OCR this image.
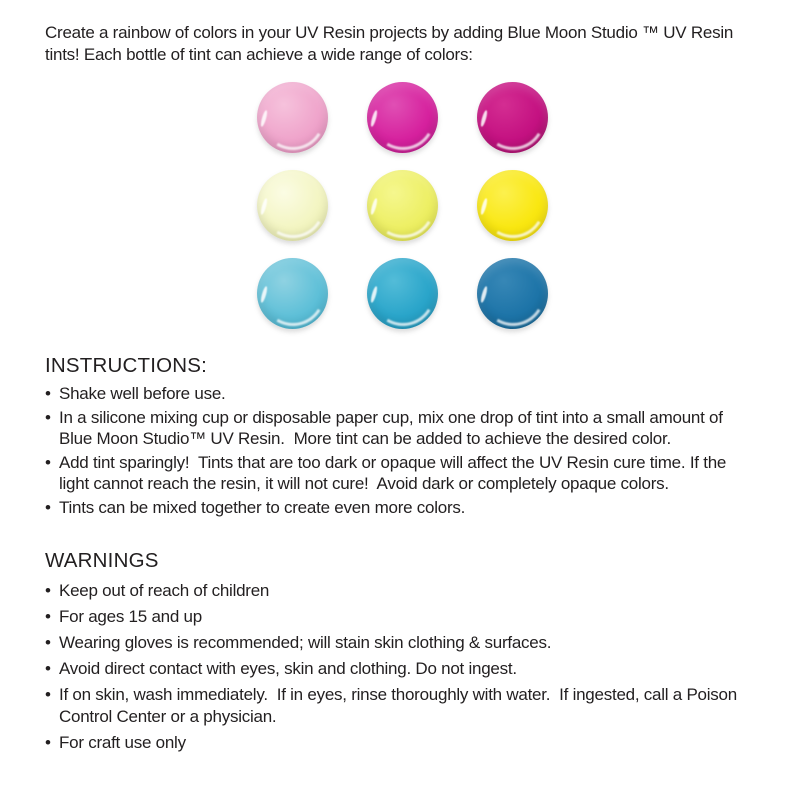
Create a rainbow of colors in your UV Resin projects by adding Blue Moon Studio ™ UV Resin tints! Each bottle of tint can achieve a wide range of colors:

INSTRUCTIONS:
• Shake well before use.
• In a silicone mixing cup or disposable paper cup, mix one drop of tint into a small amount of Blue Moon Studio™ UV Resin.  More tint can be added to achieve the desired color.
• Add tint sparingly!  Tints that are too dark or opaque will affect the UV Resin cure time. If the light cannot reach the resin, it will not cure!  Avoid dark or completely opaque colors.
• Tints can be mixed together to create even more colors.
WARNINGS
• Keep out of reach of children
• For ages 15 and up
• Wearing gloves is recommended; will stain skin clothing & surfaces.
• Avoid direct contact with eyes, skin and clothing. Do not ingest.
• If on skin, wash immediately.  If in eyes, rinse thoroughly with water.  If ingested, call a Poison Control Center or a physician.
• For craft use only
